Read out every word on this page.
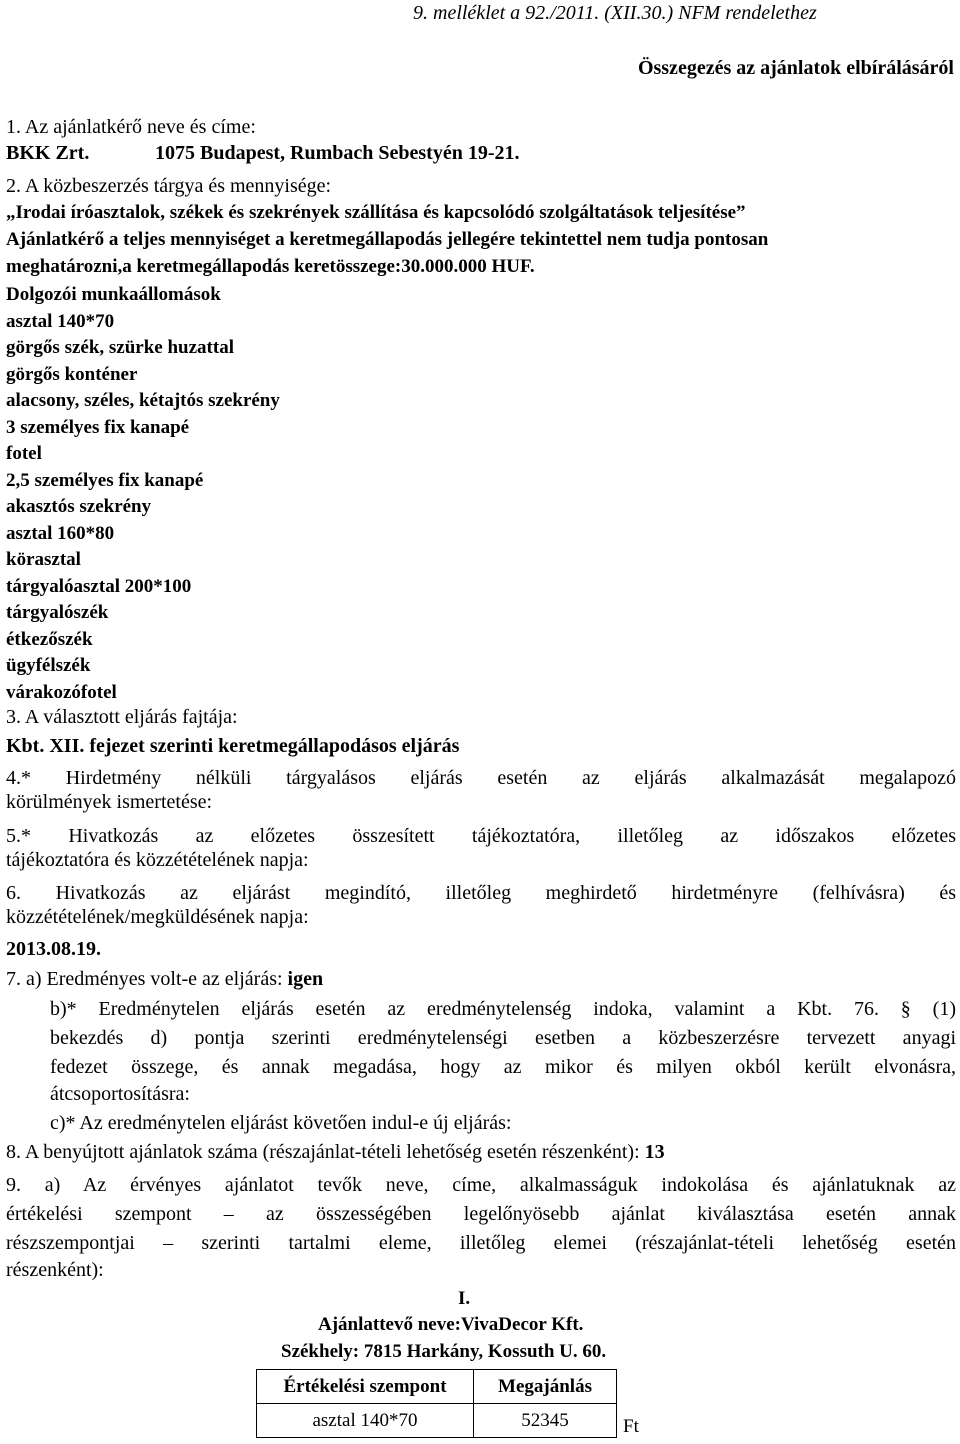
9. melléklet a 92./2011. (XII.30.) NFM rendelethez
Összegezés az ajánlatok elbírálásáról
1. Az ajánlatkérő neve és címe:
BKK Zrt.	1075 Budapest, Rumbach Sebestyén 19-21.
2. A közbeszerzés tárgya és mennyisége:
„Irodai íróasztalok, székek és szekrények szállítása és kapcsolódó szolgáltatások teljesítése”
Ajánlatkérő a teljes mennyiséget a keretmegállapodás jellegére tekintettel nem tudja pontosan
meghatározni,a keretmegállapodás keretösszege:30.000.000 HUF.
Dolgozói munkaállomások
asztal 140*70
görgős szék, szürke huzattal
görgős konténer
alacsony, széles, kétajtós szekrény
3 személyes fix kanapé
fotel
2,5 személyes fix kanapé
akasztós szekrény
asztal 160*80
körasztal
tárgyalóasztal 200*100
tárgyalószék
étkezőszék
ügyfélszék
várakozófotel
3. A választott eljárás fajtája:
Kbt. XII. fejezet szerinti keretmegállapodásos eljárás
4.* Hirdetmény nélküli tárgyalásos eljárás esetén az eljárás alkalmazását megalapozó
körülmények ismertetése:
5.* Hivatkozás az előzetes összesített tájékoztatóra, illetőleg az időszakos előzetes
tájékoztatóra és közzétételének napja:
6. Hivatkozás az eljárást megindító, illetőleg meghirdető hirdetményre (felhívásra) és
közzétételének/megküldésének napja:
2013.08.19.
7. a) Eredményes volt-e az eljárás: igen
b)* Eredménytelen eljárás esetén az eredménytelenség indoka, valamint a Kbt. 76. § (1)
bekezdés d) pontja szerinti eredménytelenségi esetben a közbeszerzésre tervezett anyagi
fedezet összege, és annak megadása, hogy az mikor és milyen okból került elvonásra,
átcsoportosításra:
c)* Az eredménytelen eljárást követően indul-e új eljárás:
8. A benyújtott ajánlatok száma (részajánlat-tételi lehetőség esetén részenként): 13
9. a) Az érvényes ajánlatot tevők neve, címe, alkalmasságuk indokolása és ajánlatuknak az
értékelési szempont – az összességében legelőnyösebb ajánlat kiválasztása esetén annak
részszempontjai – szerinti tartalmi eleme, illetőleg elemei (részajánlat-tételi lehetőség esetén
részenként):
I.
Ajánlattevő neve:VivaDecor Kft.
Székhely: 7815 Harkány, Kossuth U. 60.
Értékelési szempont	Megajánlás	
asztal 140*70	52345	Ft
